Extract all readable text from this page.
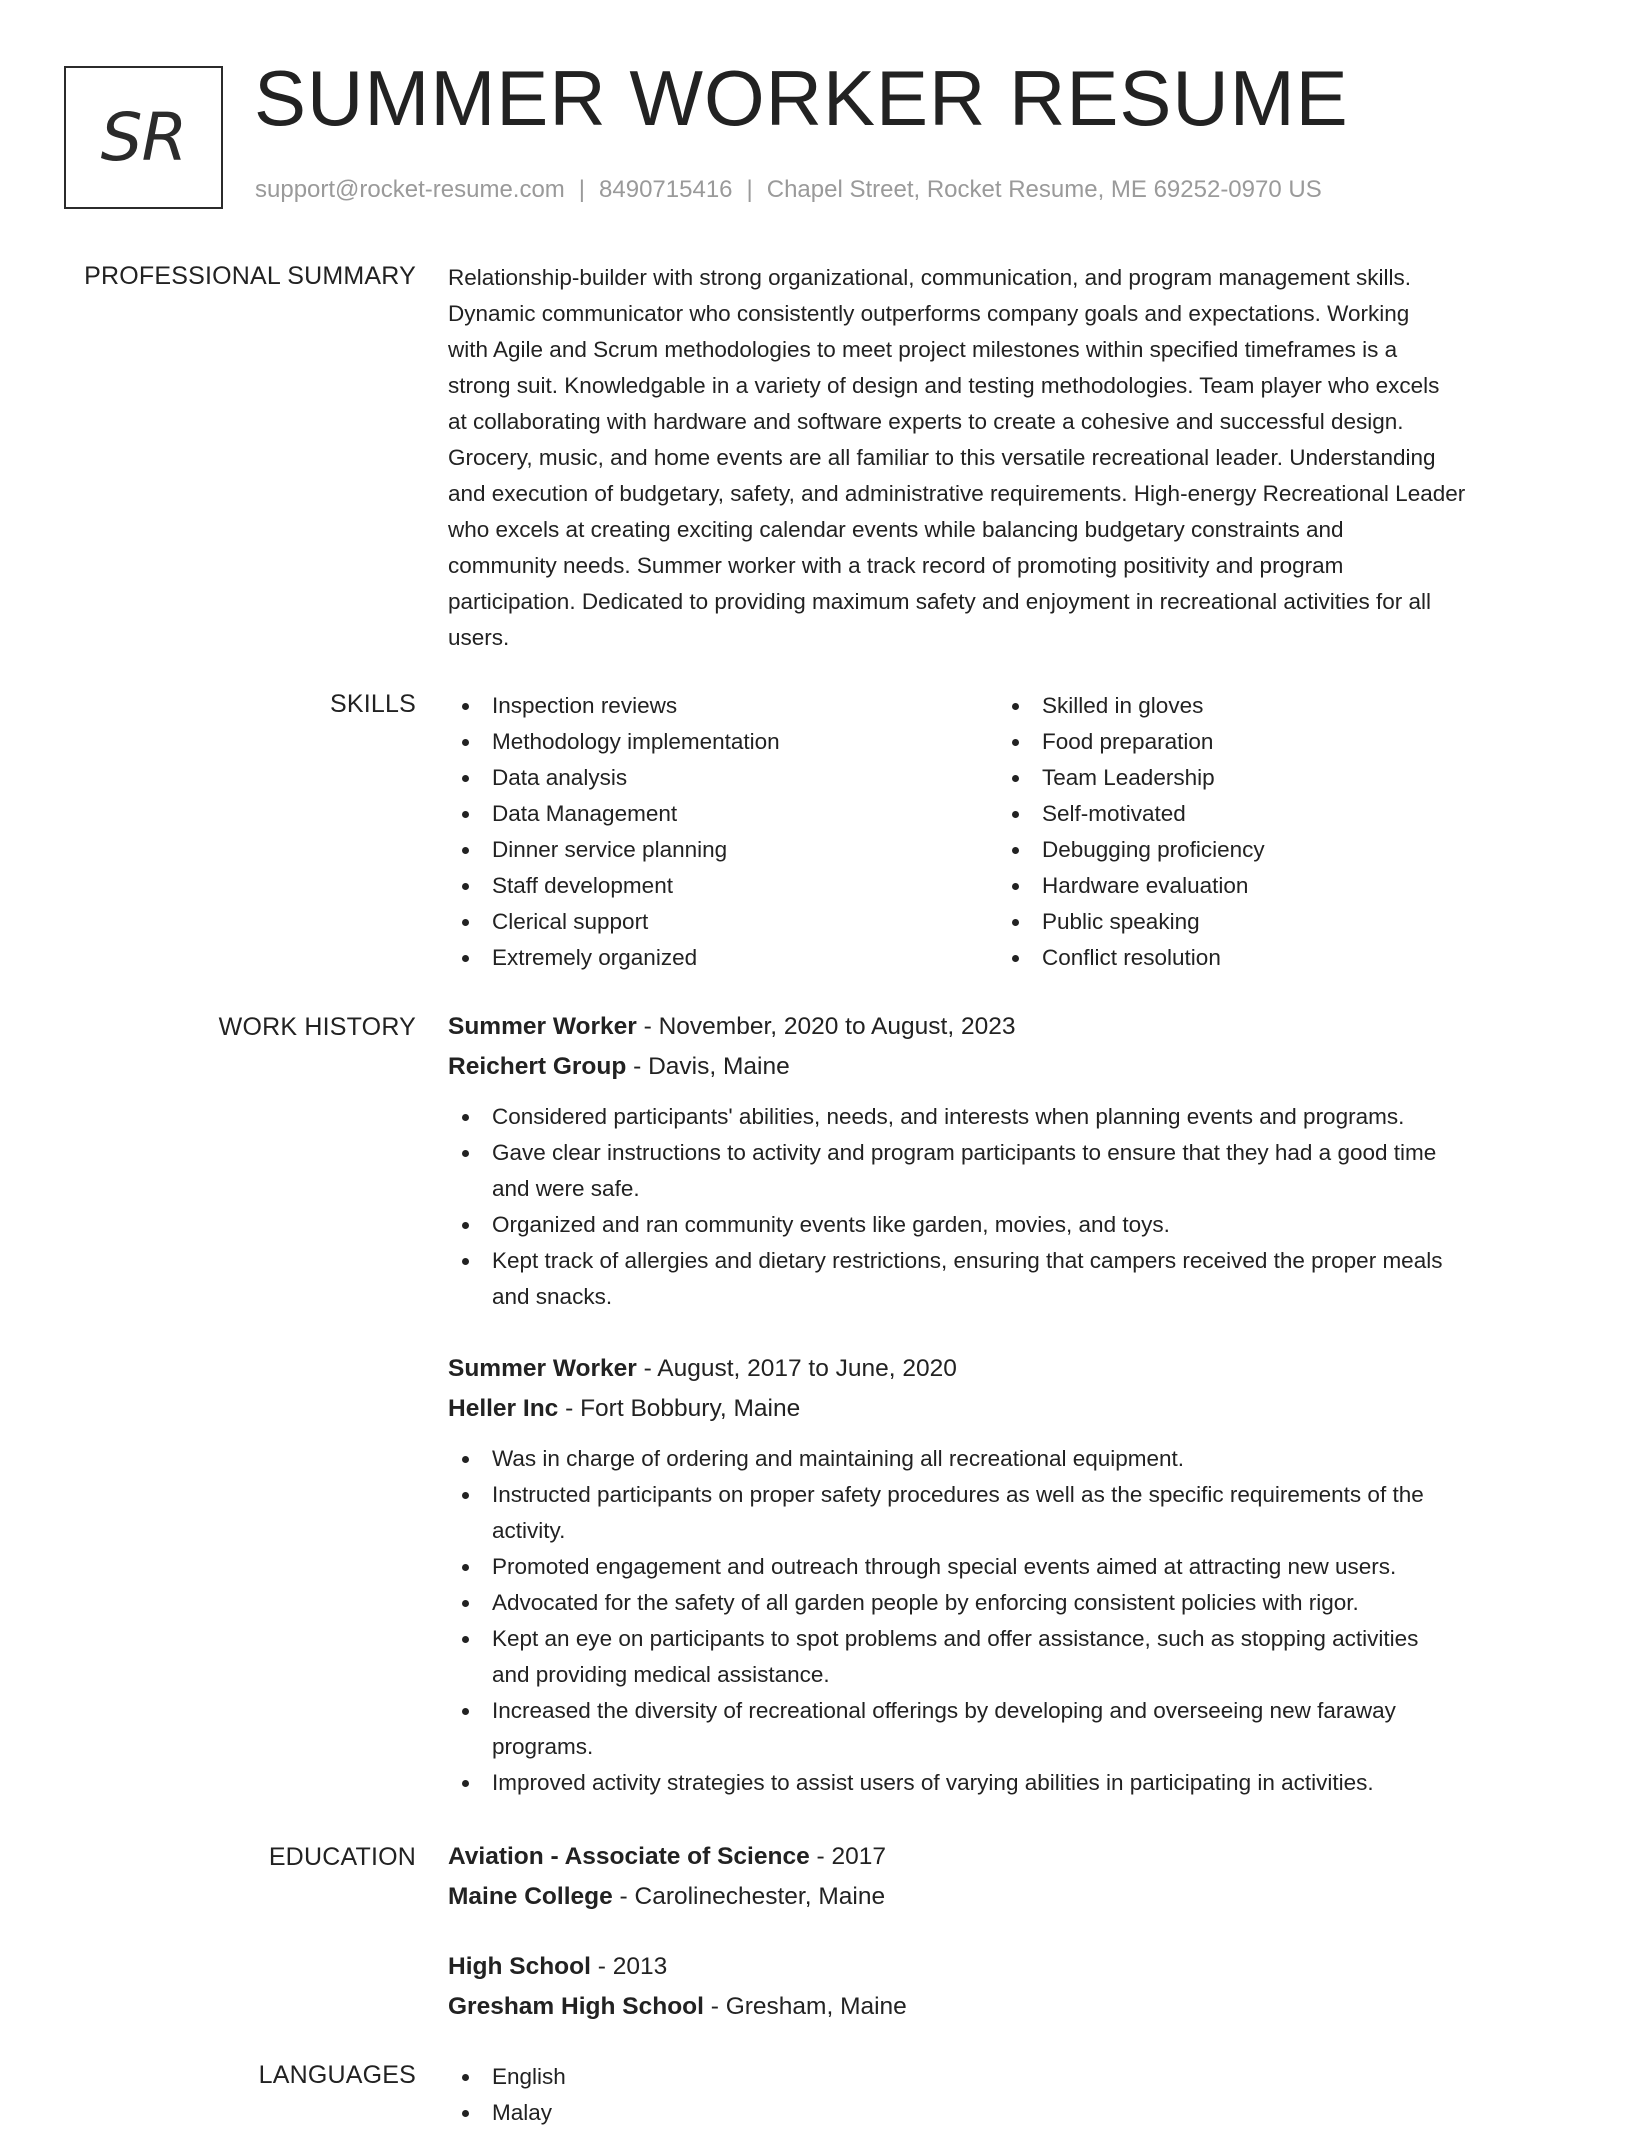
SR SUMMER WORKER RESUME
support@rocket-resume.com | 8490715416 | Chapel Street, Rocket Resume, ME 69252-0970 US
PROFESSIONAL SUMMARY Relationship-builder with strong organizational, communication, and program management skills.
Dynamic communicator who consistently outperforms company goals and expectations. Working
with Agile and Scrum methodologies to meet project milestones within specified timeframes is a
strong suit. Knowledgable in a variety of design and testing methodologies. Team player who excels
at collaborating with hardware and software experts to create a cohesive and successful design.
Grocery, music, and home events are all familiar to this versatile recreational leader. Understanding
and execution of budgetary, safety, and administrative requirements. High-energy Recreational Leader
who excels at creating exciting calendar events while balancing budgetary constraints and
community needs. Summer worker with a track record of promoting positivity and program
participation. Dedicated to providing maximum safety and enjoyment in recreational activities for all
users.
SKILLS	Inspection reviews
Methodology implementation
Data analysis
Data Management
Dinner service planning
Staff development
Clerical support
Extremely organized
Skilled in gloves
Food preparation
Team Leadership
Self-motivated
Debugging proficiency
Hardware evaluation
Public speaking
Conflict resolution
WORK HISTORY Summer Worker - November, 2020 to August, 2023
Reichert Group - Davis, Maine
Considered participants' abilities, needs, and interests when planning events and programs.
Gave clear instructions to activity and program participants to ensure that they had a good time
and were safe.
Organized and ran community events like garden, movies, and toys.
Kept track of allergies and dietary restrictions, ensuring that campers received the proper meals
and snacks.
Summer Worker - August, 2017 to June, 2020
Heller Inc - Fort Bobbury, Maine
Was in charge of ordering and maintaining all recreational equipment.
Instructed participants on proper safety procedures as well as the specific requirements of the
activity.
Promoted engagement and outreach through special events aimed at attracting new users.
Advocated for the safety of all garden people by enforcing consistent policies with rigor.
Kept an eye on participants to spot problems and offer assistance, such as stopping activities
and providing medical assistance.
Increased the diversity of recreational offerings by developing and overseeing new faraway
programs.
Improved activity strategies to assist users of varying abilities in participating in activities.
EDUCATION Aviation - Associate of Science - 2017
Maine College - Carolinechester, Maine
High School - 2013
Gresham High School - Gresham, Maine
LANGUAGES	English
Malay
